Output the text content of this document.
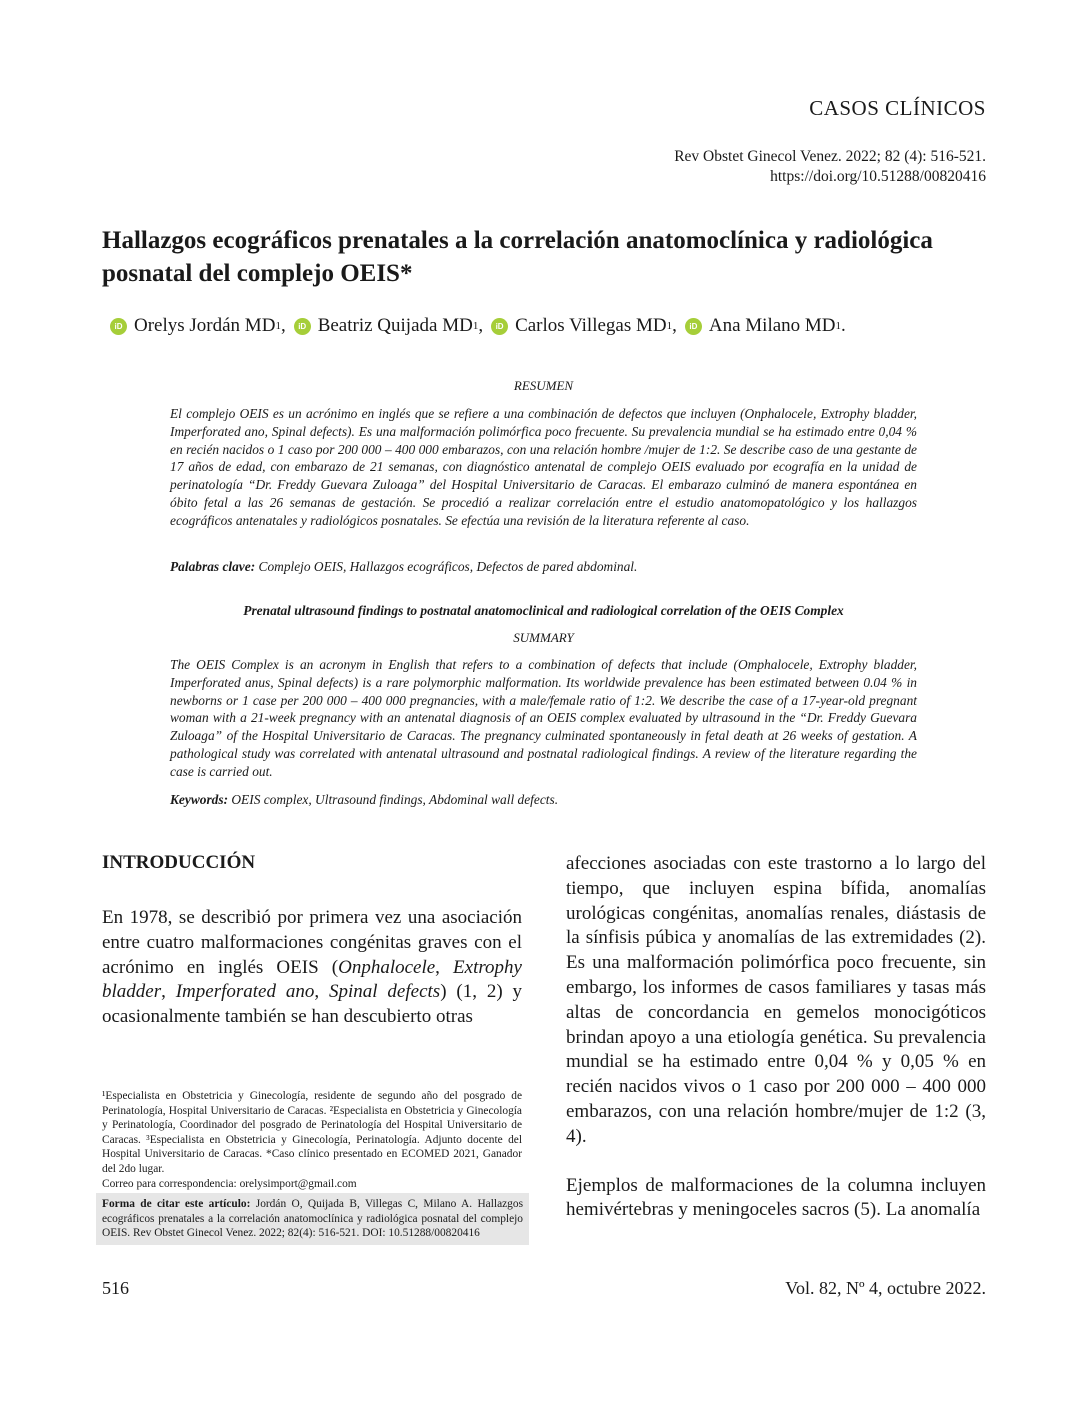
CASOS CLÍNICOS
Rev Obstet Ginecol Venez. 2022; 82 (4): 516-521.
https://doi.org/10.51288/00820416
Hallazgos ecográficos prenatales a la correlación anatomoclínica y radiológica posnatal del complejo OEIS*
iD Orelys Jordán MD 1 ,	iD Beatriz Quijada MD 1 ,	iD Carlos Villegas MD 1 ,	iD Ana Milano MD 1 .
RESUMEN
El complejo OEIS es un acrónimo en inglés que se refiere a una combinación de defectos que incluyen (Onphalocele, Extrophy bladder, Imperforated ano, Spinal defects). Es una malformación polimórfica poco frecuente. Su prevalencia mundial se ha estimado entre 0,04 % en recién nacidos o 1 caso por 200 000 – 400 000 embarazos, con una relación hombre /mujer de 1:2. Se describe caso de una gestante de 17 años de edad, con embarazo de 21 semanas, con diagnóstico antenatal de complejo OEIS evaluado por ecografía en la unidad de perinatología “Dr. Freddy Guevara Zuloaga” del Hospital Universitario de Caracas. El embarazo culminó de manera espontánea en óbito fetal a las 26 semanas de gestación. Se procedió a realizar correlación entre el estudio anatomopatológico y los hallazgos ecográficos antenatales y radiológicos posnatales. Se efectúa una revisión de la literatura referente al caso.
Palabras clave: Complejo OEIS, Hallazgos ecográficos, Defectos de pared abdominal.
Prenatal ultrasound findings to postnatal anatomoclinical and radiological correlation of the OEIS Complex
SUMMARY
The OEIS Complex is an acronym in English that refers to a combination of defects that include (Omphalocele, Extrophy bladder, Imperforated anus, Spinal defects) is a rare polymorphic malformation. Its worldwide prevalence has been estimated between 0.04 % in newborns or 1 case per 200 000 – 400 000 pregnancies, with a male/female ratio of 1:2. We describe the case of a 17-year-old pregnant woman with a 21-week pregnancy with an antenatal diagnosis of an OEIS complex evaluated by ultrasound in the “Dr. Freddy Guevara Zuloaga” of the Hospital Universitario de Caracas. The pregnancy culminated spontaneously in fetal death at 26 weeks of gestation. A pathological study was correlated with antenatal ultrasound and postnatal radiological findings. A review of the literature regarding the case is carried out.
Keywords: OEIS complex, Ultrasound findings, Abdominal wall defects.
INTRODUCCIÓN

En 1978, se describió por primera vez una asociación entre cuatro malformaciones congénitas graves con el acrónimo en inglés OEIS (Onphalocele, Extrophy bladder, Imperforated ano, Spinal defects) (1, 2) y ocasionalmente también se han descubierto otras

afecciones asociadas con este trastorno a lo largo del tiempo, que incluyen espina bífida, anomalías urológicas congénitas, anomalías renales, diástasis de la sínfisis púbica y anomalías de las extremidades (2). Es una malformación polimórfica poco frecuente, sin embargo, los informes de casos familiares y tasas más altas de concordancia en gemelos monocigóticos brindan apoyo a una etiología genética. Su prevalencia mundial se ha estimado entre 0,04 % y 0,05 % en recién nacidos vivos o 1 caso por 200 000 – 400 000 embarazos, con una relación hombre/mujer de 1:2 (3, 4).

Ejemplos de malformaciones de la columna incluyen hemivértebras y meningoceles sacros (5). La anomalía

¹Especialista en Obstetricia y Ginecología, residente de segundo año del posgrado de Perinatología, Hospital Universitario de Caracas. ²Especialista en Obstetricia y Ginecología y Perinatología, Coordinador del posgrado de Perinatología del Hospital Universitario de Caracas. ³Especialista en Obstetricia y Ginecología, Perinatología. Adjunto docente del Hospital Universitario de Caracas. *Caso clínico presentado en ECOMED 2021, Ganador del 2do lugar.

Correo para correspondencia: orelysimport@gmail.com

Forma de citar este artículo: Jordán O, Quijada B, Villegas C, Milano A. Hallazgos ecográficos prenatales a la correlación anatomoclínica y radiológica posnatal del complejo OEIS. Rev Obstet Ginecol Venez. 2022; 82(4): 516-521. DOI: 10.51288/00820416
516	Vol. 82, Nº 4, octubre 2022.
